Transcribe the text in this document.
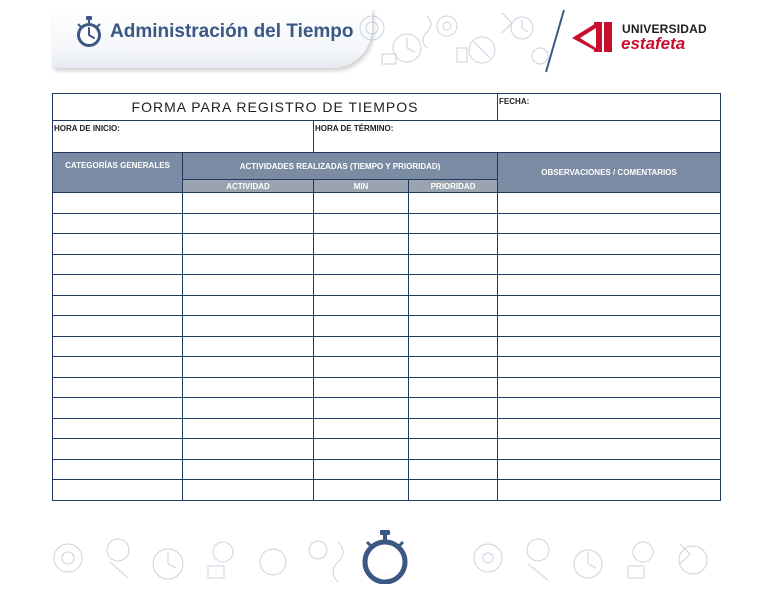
Administración del Tiempo	UNIVERSIDAD
estafeta
FORMA PARA REGISTRO DE TIEMPOS				FECHA:
HORA DE INICIO:		HORA DE TÉRMINO:		
CATEGORÍAS GENERALES	ACTIVIDADES REALIZADAS (TIEMPO Y PRIORIDAD)			OBSERVACIONES / COMENTARIOS
	ACTIVIDAD	MIN	PRIORIDAD	
